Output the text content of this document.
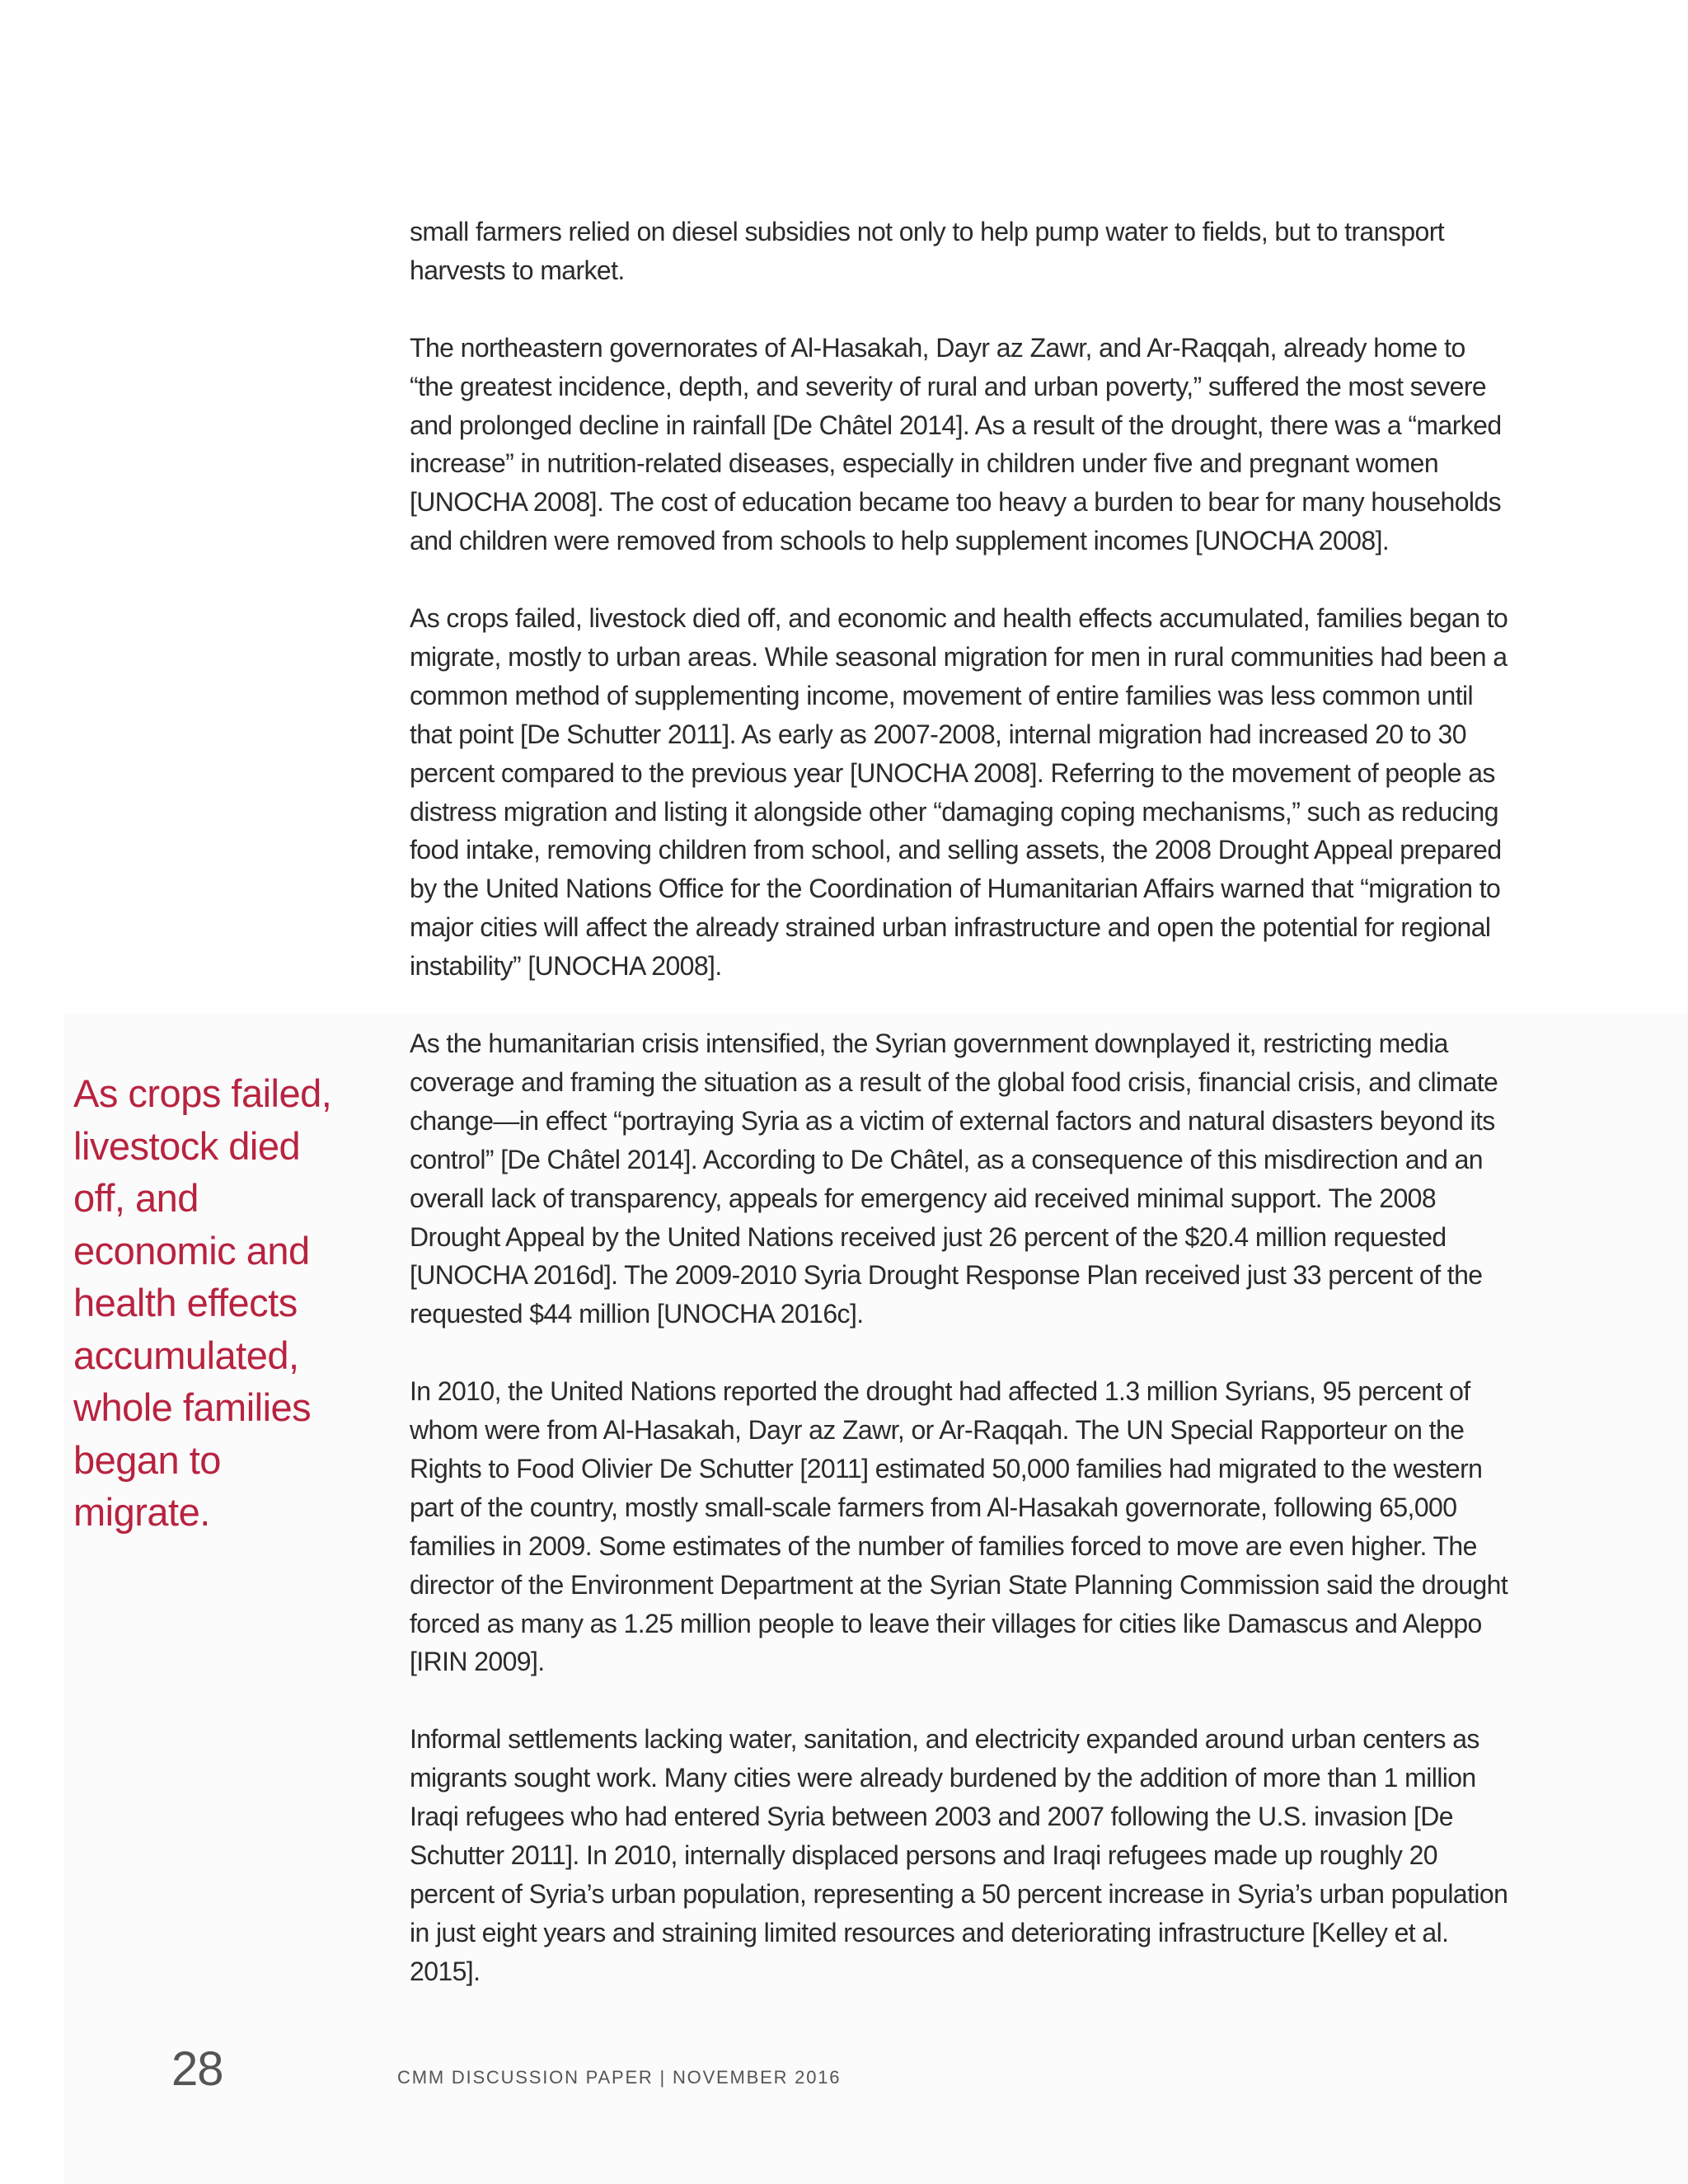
small farmers relied on diesel subsidies not only to help pump water to fields, but to transport harvests to market.

The northeastern governorates of Al-Hasakah, Dayr az Zawr, and Ar-Raqqah, already home to “the greatest incidence, depth, and severity of rural and urban poverty,” suffered the most severe and prolonged decline in rainfall [De Châtel 2014]. As a result of the drought, there was a “marked increase” in nutrition-related diseases, especially in children under five and pregnant women [UNOCHA 2008]. The cost of education became too heavy a burden to bear for many households and children were removed from schools to help supplement incomes [UNOCHA 2008].

As crops failed, livestock died off, and economic and health effects accumulated, families began to migrate, mostly to urban areas. While seasonal migration for men in rural communities had been a common method of supplementing income, movement of entire families was less common until that point [De Schutter 2011]. As early as 2007-2008, internal migration had increased 20 to 30 percent compared to the previous year [UNOCHA 2008]. Referring to the movement of people as distress migration and listing it alongside other “damaging coping mechanisms,” such as reducing food intake, removing children from school, and selling assets, the 2008 Drought Appeal prepared by the United Nations Office for the Coordination of Humanitarian Affairs warned that “migration to major cities will affect the already strained urban infrastructure and open the potential for regional instability” [UNOCHA 2008].

As the humanitarian crisis intensified, the Syrian government downplayed it, restricting media coverage and framing the situation as a result of the global food crisis, financial crisis, and climate change—in effect “portraying Syria as a victim of external factors and natural disasters beyond its control” [De Châtel 2014]. According to De Châtel, as a consequence of this misdirection and an overall lack of transparency, appeals for emergency aid received minimal support. The 2008 Drought Appeal by the United Nations received just 26 percent of the $20.4 million requested [UNOCHA 2016d]. The 2009-2010 Syria Drought Response Plan received just 33 percent of the requested $44 million [UNOCHA 2016c].

In 2010, the United Nations reported the drought had affected 1.3 million Syrians, 95 percent of whom were from Al-Hasakah, Dayr az Zawr, or Ar-Raqqah. The UN Special Rapporteur on the Rights to Food Olivier De Schutter [2011] estimated 50,000 families had migrated to the western part of the country, mostly small-scale farmers from Al-Hasakah governorate, following 65,000 families in 2009. Some estimates of the number of families forced to move are even higher. The director of the Environment Department at the Syrian State Planning Commission said the drought forced as many as 1.25 million people to leave their villages for cities like Damascus and Aleppo [IRIN 2009].

Informal settlements lacking water, sanitation, and electricity expanded around urban centers as migrants sought work. Many cities were already burdened by the addition of more than 1 million Iraqi refugees who had entered Syria between 2003 and 2007 following the U.S. invasion [De Schutter 2011]. In 2010, internally displaced persons and Iraqi refugees made up roughly 20 percent of Syria’s urban population, representing a 50 percent increase in Syria’s urban population in just eight years and straining limited resources and deteriorating infrastructure [Kelley et al. 2015].

As crops failed, livestock died off, and economic and health effects accumulated, whole families began to migrate.
28	CMM DISCUSSION PAPER | NOVEMBER 2016
